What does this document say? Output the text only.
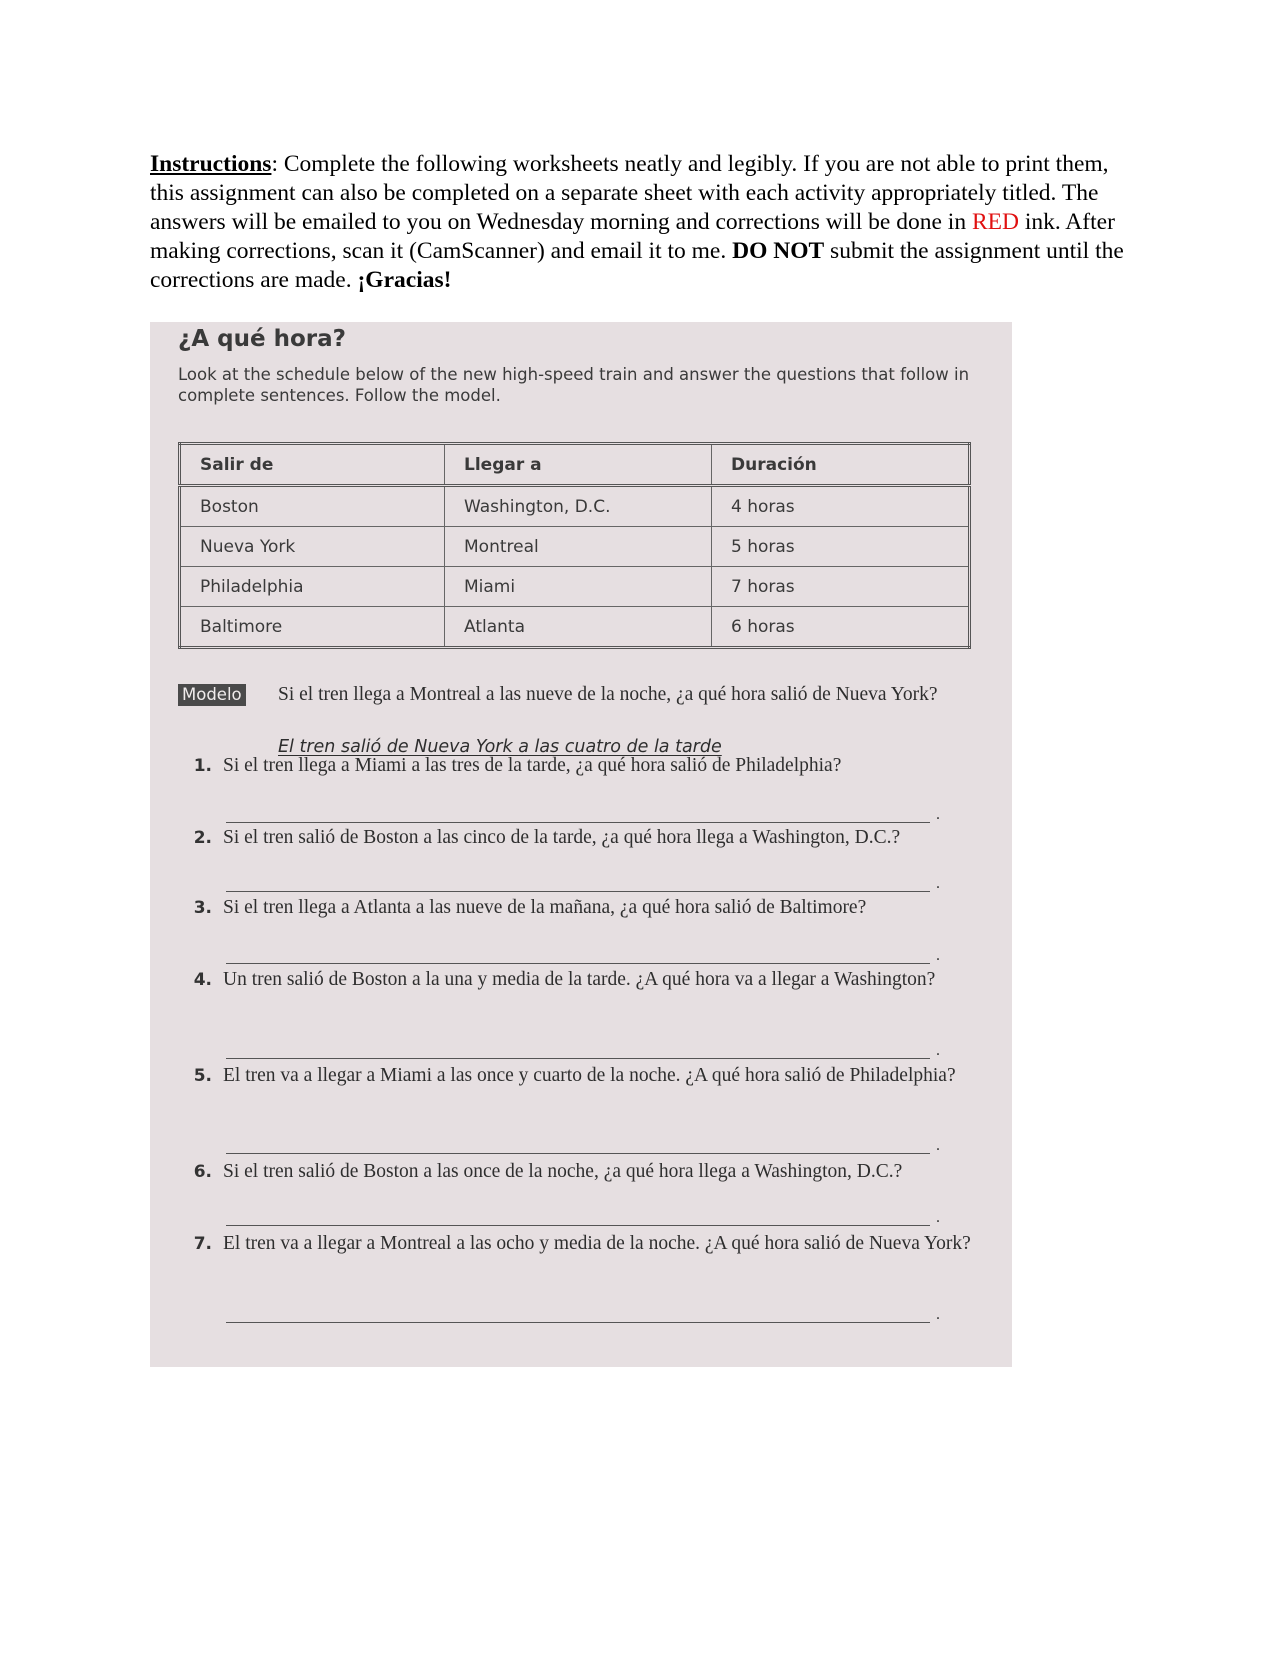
Instructions: Complete the following worksheets neatly and legibly. If you are not able to print them, this assignment can also be completed on a separate sheet with each activity appropriately titled. The answers will be emailed to you on Wednesday morning and corrections will be done in RED ink. After making corrections, scan it (CamScanner) and email it to me. DO NOT submit the assignment until the corrections are made. ¡Gracias!

¿A qué hora?

Look at the schedule below of the new high-speed train and answer the questions that follow in complete sentences. Follow the model.

Salir de	Llegar a	Duración
Boston	Washington, D.C.	4 horas
Nueva York	Montreal	5 horas
Philadelphia	Miami	7 horas
Baltimore	Atlanta	6 horas
Modelo Si el tren llega a Montreal a las nueve de la noche, ¿a qué hora salió de Nueva York?

El tren salió de Nueva York a las cuatro de la tarde
1. Si el tren llega a Miami a las tres de la tarde, ¿a qué hora salió de Philadelphia?

.
2. Si el tren salió de Boston a las cinco de la tarde, ¿a qué hora llega a Washington, D.C.?

.
3. Si el tren llega a Atlanta a las nueve de la mañana, ¿a qué hora salió de Baltimore?

.
4. Un tren salió de Boston a la una y media de la tarde. ¿A qué hora va a llegar a Washington?

.
5. El tren va a llegar a Miami a las once y cuarto de la noche. ¿A qué hora salió de Philadelphia?

.
6. Si el tren salió de Boston a las once de la noche, ¿a qué hora llega a Washington, D.C.?

.
7. El tren va a llegar a Montreal a las ocho y media de la noche. ¿A qué hora salió de Nueva York?

.
